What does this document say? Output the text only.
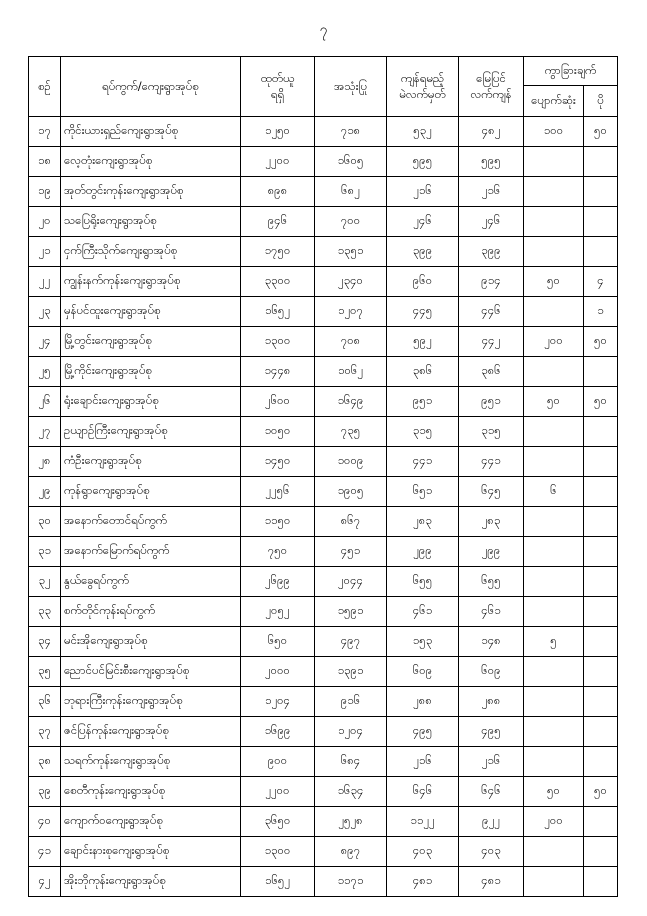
၇
စဉ်	ရပ်ကွက်/ကျေးရွာအုပ်စု	ထုတ်ယူ
ရရှိ	အသုံးပြု	ကျန်ရမည့်
မဲလက်မှတ်	မြေပြင်
လက်ကျန်	ကွာခြားချက်	
						ပျောက်ဆုံး	ပို
၁၇	ကိုင်းယားရှည်ကျေးရွာအုပ်စု	၁၂၅၀	၇၁၈	၅၃၂	၄၈၂	၁၀၀	၅၀
၁၈	လေ့တုံးကျေးရွာအုပ်စု	၂၂၀၀	၁၆၀၅	၅၉၅	၅၉၅		
၁၉	အုတ်တွင်းကုန်းကျေးရွာအုပ်စု	၈၉၈	၆၈၂	၂၁၆	၂၁၆		
၂၀	သပြေရိုးကျေးရွာအုပ်စု	၉၄၆	၇၀၀	၂၄၆	၂၄၆		
၂၁	ငှက်ကြီးသိုက်ကျေးရွာအုပ်စု	၁၇၅၀	၁၃၅၁	၃၉၉	၃၉၉		
၂၂	ကျွန်းနက်ကုန်းကျေးရွာအုပ်စု	၃၃၀၀	၂၃၄၀	၉၆၀	၉၁၄	၅၀	၄
၂၃	မှန်ပင်ထူးကျေးရွာအုပ်စု	၁၆၅၂	၁၂၀၇	၄၄၅	၄၄၆		၁
၂၄	မြို့တွင်းကျေးရွာအုပ်စု	၁၃၀၀	၇၀၈	၅၉၂	၄၄၂	၂၀၀	၅၀
၂၅	မြို့ကိုင်းကျေးရွာအုပ်စု	၁၄၄၈	၁၀၆၂	၃၈၆	၃၈၆		
၂၆	ရုံးချောင်းကျေးရွာအုပ်စု	၂၆၀၀	၁၆၄၉	၉၅၁	၉၅၁	၅၀	၅၀
၂၇	ဥယျာဉ်ကြီးကျေးရွာအုပ်စု	၁၀၅၀	၇၃၅	၃၁၅	၃၁၅		
၂၈	ကံဦးကျေးရွာအုပ်စု	၁၄၅၀	၁၀၀၉	၄၄၁	၄၄၁		
၂၉	ကုန်ရွာကျေးရွာအုပ်စု	၂၂၅၆	၁၉၀၅	၆၅၁	၆၄၅	၆	
၃၀	အနောက်တောင်ရပ်ကွက်	၁၁၅၀	၈၆၇	၂၈၃	၂၈၃		
၃၁	အနောက်မြောက်ရပ်ကွက်	၇၅၀	၄၅၁	၂၉၉	၂၉၉		
၃၂	နွယ်ခွေရပ်ကွက်	၂၆၉၉	၂၀၄၄	၆၅၅	၆၅၅		
၃၃	စက်တိုင်ကုန်းရပ်ကွက်	၂၀၅၂	၁၅၉၁	၄၆၁	၄၆၁		
၃၄	မင်းအိုကျေးရွာအုပ်စု	၆၅၀	၄၉၇	၁၅၃	၁၄၈	၅	
၃၅	ညောင်ပင်မြင်းစီးကျေးရွာအုပ်စု	၂၀၀၀	၁၃၉၁	၆၀၉	၆၀၉		
၃၆	ဘုရားကြီးကုန်းကျေးရွာအုပ်စု	၁၂၀၄	၉၁၆	၂၈၈	၂၈၈		
၃၇	ဇင်ပြန်ကုန်းကျေးရွာအုပ်စု	၁၆၉၉	၁၂၀၄	၄၉၅	၄၉၅		
၃၈	သရက်ကုန်းကျေးရွာအုပ်စု	၉၀၀	၆၈၄	၂၁၆	၂၁၆		
၃၉	စေတီကုန်းကျေးရွာအုပ်စု	၂၂၀၀	၁၆၃၄	၆၄၆	၆၄၆	၅၀	၅၀
၄၀	ကျောက်ဝကျေးရွာအုပ်စု	၃၆၅၀	၂၅၂၈	၁၁၂၂	၉၂၂	၂၀၀	
၄၁	ချောင်းနားစုကျေးရွာအုပ်စု	၁၃၀၀	၈၉၇	၄၀၃	၄၀၃		
၄၂	အိုးဘိုကုန်းကျေးရွာအုပ်စု	၁၆၅၂	၁၁၇၁	၄၈၁	၄၈၁		
